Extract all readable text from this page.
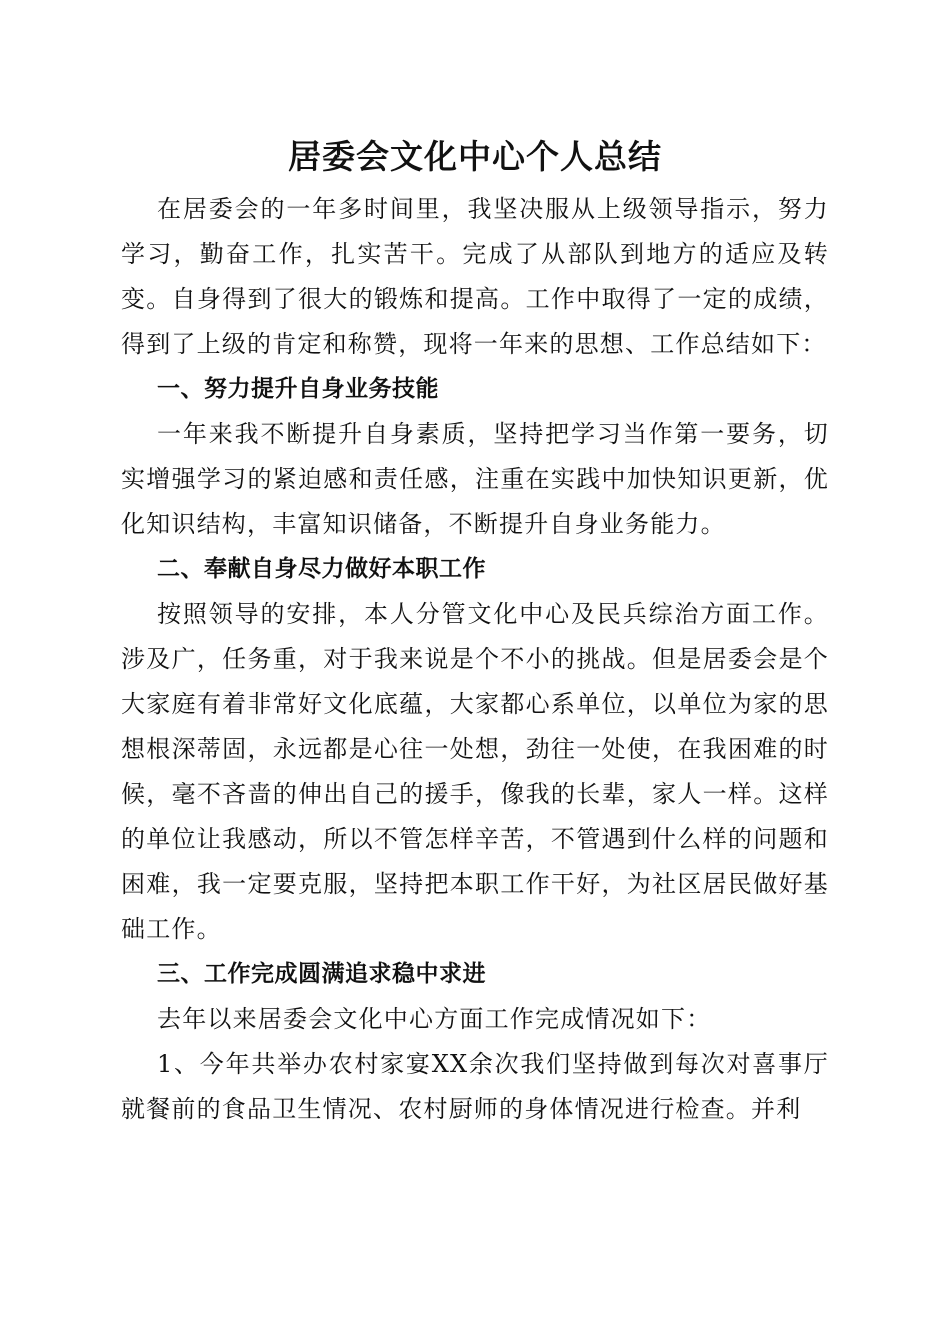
居委会文化中心个人总结

在居委会的一年多时间里，我坚决服从上级领导指示，努力学习，勤奋工作，扎实苦干。完成了从部队到地方的适应及转变。自身得到了很大的锻炼和提高。工作中取得了一定的成绩，得到了上级的肯定和称赞，现将一年来的思想、工作总结如下：

一、努力提升自身业务技能

一年来我不断提升自身素质，坚持把学习当作第一要务，切实增强学习的紧迫感和责任感，注重在实践中加快知识更新，优化知识结构，丰富知识储备，不断提升自身业务能力。

二、奉献自身尽力做好本职工作

按照领导的安排，本人分管文化中心及民兵综治方面工作。涉及广，任务重，对于我来说是个不小的挑战。但是居委会是个大家庭有着非常好文化底蕴，大家都心系单位，以单位为家的思想根深蒂固，永远都是心往一处想，劲往一处使，在我困难的时候，毫不吝啬的伸出自己的援手，像我的长辈，家人一样。这样的单位让我感动，所以不管怎样辛苦，不管遇到什么样的问题和困难，我一定要克服，坚持把本职工作干好，为社区居民做好基础工作。

三、工作完成圆满追求稳中求进

去年以来居委会文化中心方面工作完成情况如下：

1、今年共举办农村家宴XX余次我们坚持做到每次对喜事厅就餐前的食品卫生情况、农村厨师的身体情况进行检查。并利
